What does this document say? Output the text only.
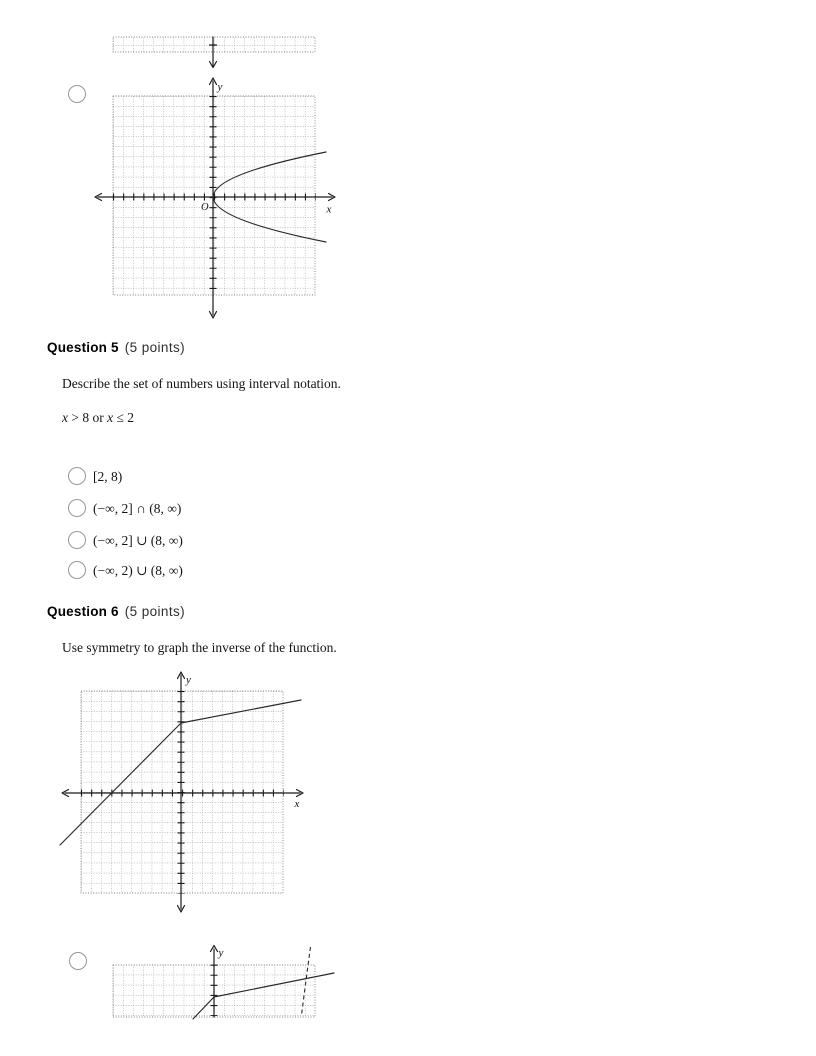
y
x
O
Question 5 (5 points)
Describe the set of numbers using interval notation.
x > 8 or x ≤ 2
[2, 8)
(−∞, 2] ∩ (8, ∞)
(−∞, 2] ∪ (8, ∞)
(−∞, 2) ∪ (8, ∞)
Question 6 (5 points)
Use symmetry to graph the inverse of the function.
y
x
y
